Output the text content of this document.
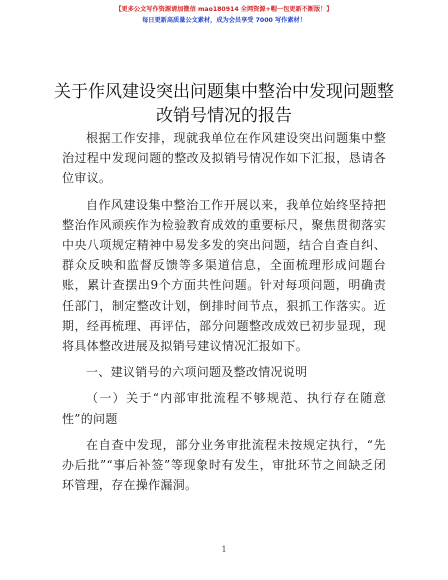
【更多公文写作资源请加微信 mao180914 全网资源+帽一包更新不断版！】
每日更新高质量公文素材，成为会员享受 7000 写作素材！
关于作风建设突出问题集中整治中发现问题整
改销号情况的报告

根据工作安排，现就我单位在作风建设突出问题集中整治过程中发现问题的整改及拟销号情况作如下汇报，恳请各位审议。

自作风建设集中整治工作开展以来，我单位始终坚持把整治作风顽疾作为检验教育成效的重要标尺，聚焦贯彻落实中央八项规定精神中易发多发的突出问题，结合自查自纠、群众反映和监督反馈等多渠道信息，全面梳理形成问题台账，累计查摆出9个方面共性问题。针对每项问题，明确责任部门，制定整改计划，倒排时间节点，狠抓工作落实。近期，经再梳理、再评估，部分问题整改成效已初步显现，现将具体整改进展及拟销号建议情况汇报如下。

一、建议销号的六项问题及整改情况说明

（一）关于“内部审批流程不够规范、执行存在随意性”的问题

在自查中发现，部分业务审批流程未按规定执行，“先办后批”“事后补签”等现象时有发生，审批环节之间缺乏闭环管理，存在操作漏洞。

1
